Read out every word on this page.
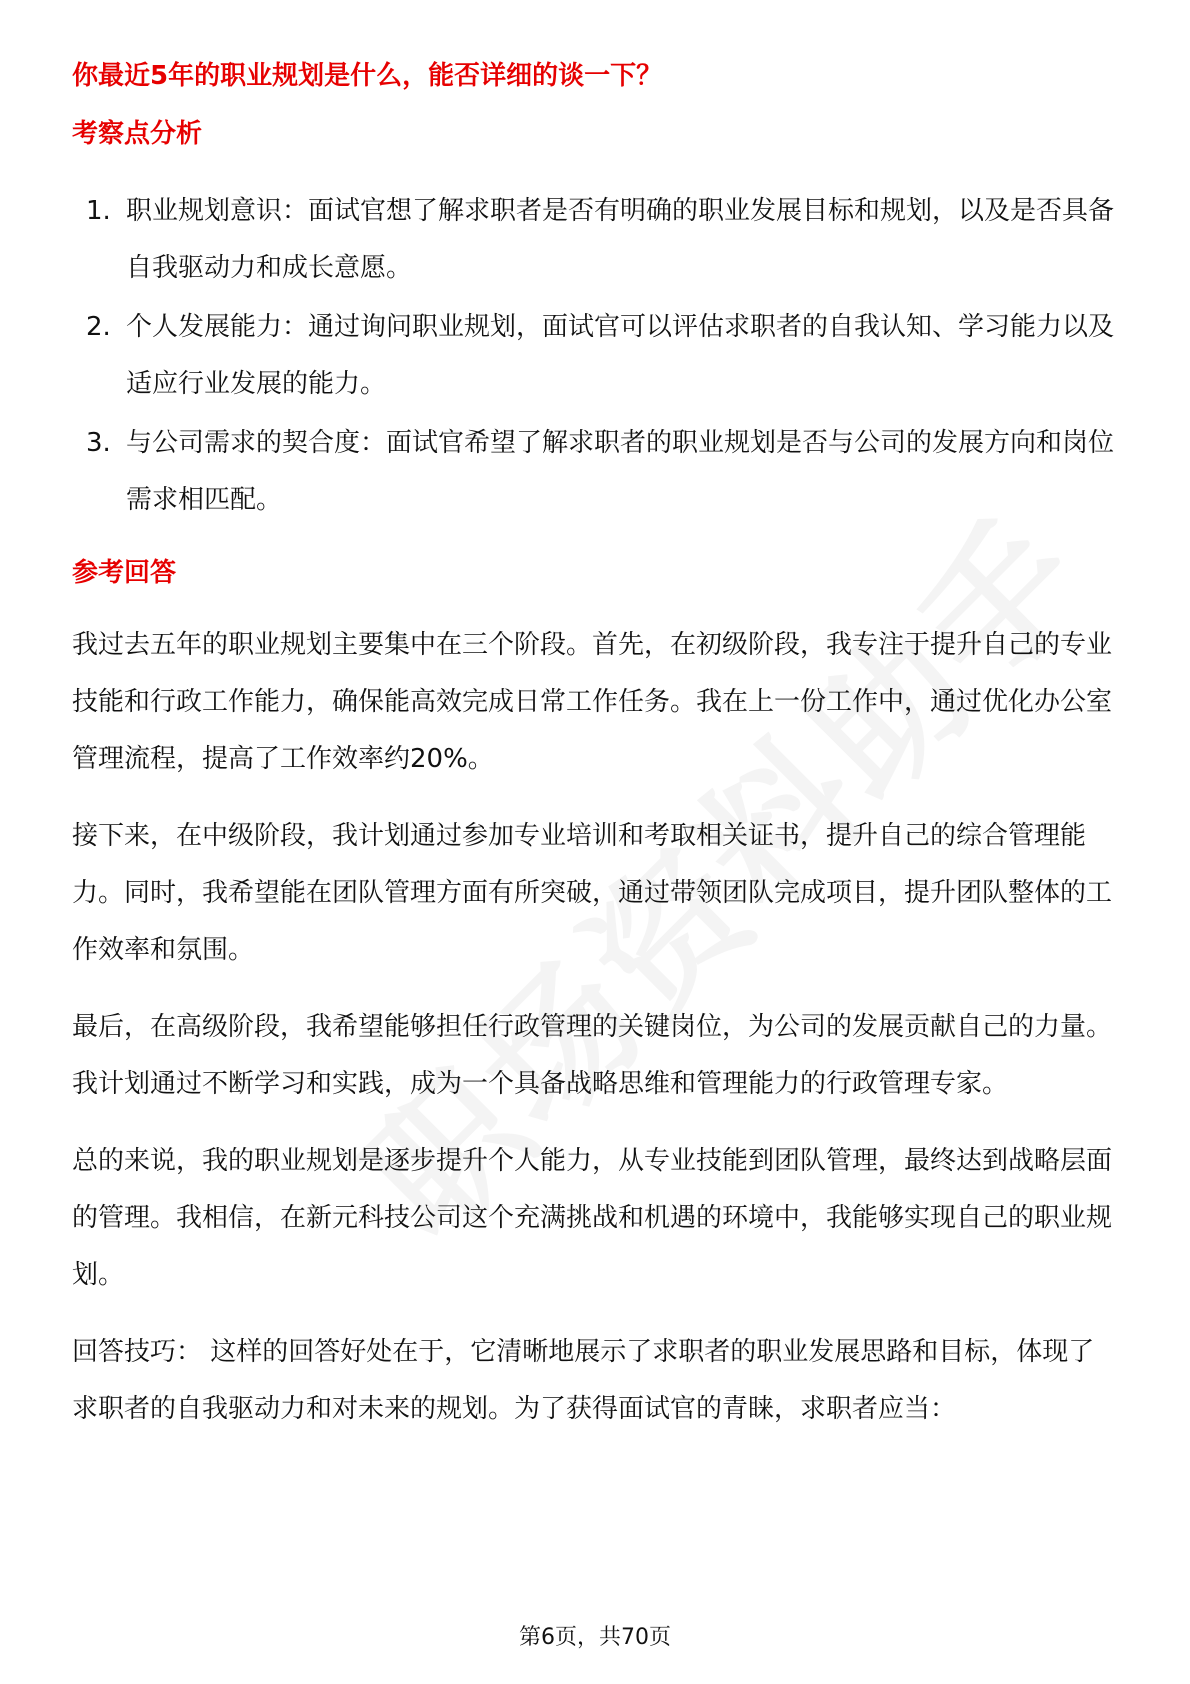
你最近5年的职业规划是什么，能否详细的谈一下？

考察点分析

1. 职业规划意识：面试官想了解求职者是否有明确的职业发展目标和规划，以及是否具备自我驱动力和成长意愿。
2. 个人发展能力：通过询问职业规划，面试官可以评估求职者的自我认知、学习能力以及适应行业发展的能力。
3. 与公司需求的契合度：面试官希望了解求职者的职业规划是否与公司的发展方向和岗位需求相匹配。

参考回答

我过去五年的职业规划主要集中在三个阶段。首先，在初级阶段，我专注于提升自己的专业技能和行政工作能力，确保能高效完成日常工作任务。我在上一份工作中，通过优化办公室管理流程，提高了工作效率约20%。

接下来，在中级阶段，我计划通过参加专业培训和考取相关证书，提升自己的综合管理能力。同时，我希望能在团队管理方面有所突破，通过带领团队完成项目，提升团队整体的工作效率和氛围。

最后，在高级阶段，我希望能够担任行政管理的关键岗位，为公司的发展贡献自己的力量。我计划通过不断学习和实践，成为一个具备战略思维和管理能力的行政管理专家。

总的来说，我的职业规划是逐步提升个人能力，从专业技能到团队管理，最终达到战略层面的管理。我相信，在新元科技公司这个充满挑战和机遇的环境中，我能够实现自己的职业规划。

回答技巧： 这样的回答好处在于，它清晰地展示了求职者的职业发展思路和目标，体现了求职者的自我驱动力和对未来的规划。为了获得面试官的青睐，求职者应当：

第6页，共70页
